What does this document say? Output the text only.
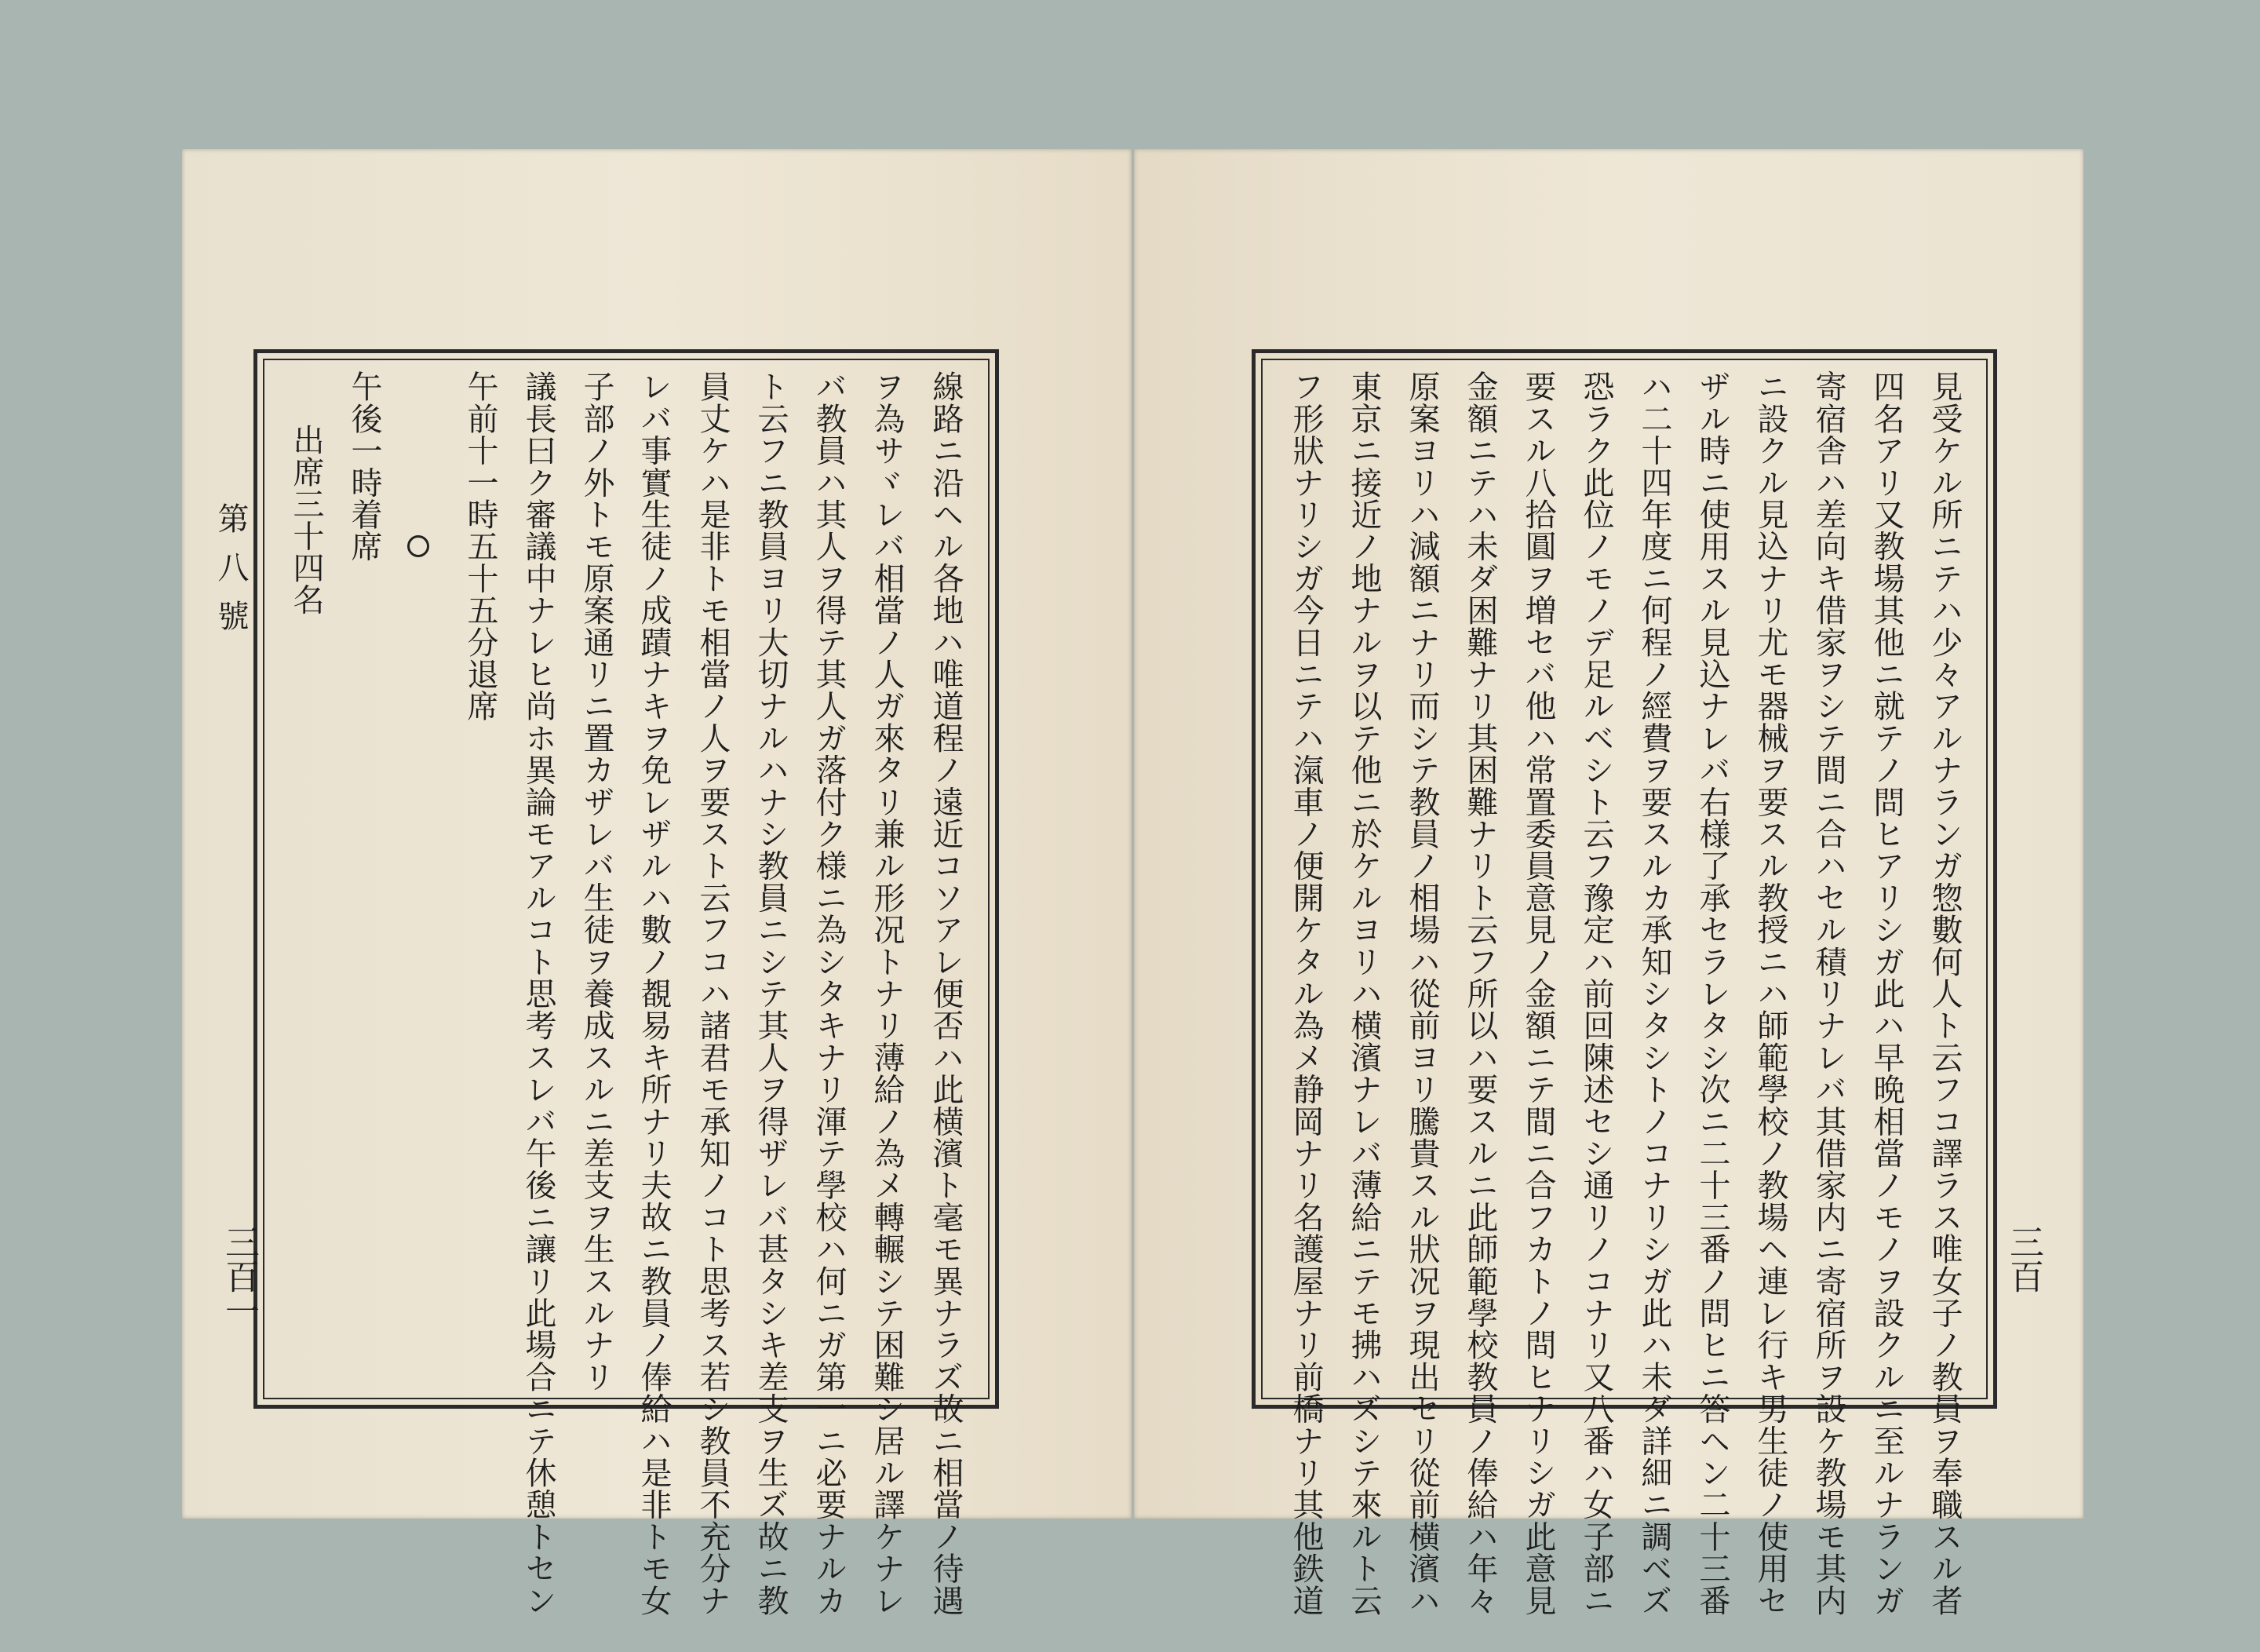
第八號
三百一	線路ニ沿ヘル各地ハ唯道程ノ遠近コソアレ便否ハ此横濱ト毫モ異ナラズ故ニ相當ノ待遇
ヲ為サヾレバ相當ノ人ガ來タリ兼ル形况トナリ薄給ノ為メ轉輾シテ困難シ居ル譯ケナレ
バ教員ハ其人ヲ得テ其人ガ落付ク様ニ為シタキナリ渾テ學校ハ何ニガ第一ニ必要ナルカ
ト云フニ教員ヨリ大切ナルハナシ教員ニシテ其人ヲ得ザレバ甚タシキ差支ヲ生ズ故ニ教
員丈ケハ是非トモ相當ノ人ヲ要スト云フコハ諸君モ承知ノコト思考ス若シ教員不充分ナ
レバ事實生徒ノ成蹟ナキヲ免レザルハ數ノ覩易キ所ナリ夫故ニ教員ノ俸給ハ是非トモ女
子部ノ外トモ原案通リニ置カザレバ生徒ヲ養成スルニ差支ヲ生スルナリ
議長曰ク審議中ナレヒ尚ホ異論モアルコト思考スレバ午後ニ讓リ此場合ニテ休憩トセン
午前十一時五十五分退席
午後一時着席
出席三十四名
三百
見受ケル所ニテハ少々アルナランガ惣數何人ト云フコ譯ラス唯女子ノ教員ヲ奉職スル者
四名アリ又教場其他ニ就テノ問ヒアリシガ此ハ早晩相當ノモノヲ設クルニ至ルナランガ
寄宿舎ハ差向キ借家ヲシテ間ニ合ハセル積リナレバ其借家内ニ寄宿所ヲ設ケ教場モ其内
ニ設クル見込ナリ尤モ器械ヲ要スル教授ニハ師範學校ノ教場ヘ連レ行キ男生徒ノ使用セ
ザル時ニ使用スル見込ナレバ右様了承セラレタシ次ニ二十三番ノ問ヒニ答ヘン二十三番
ハ二十四年度ニ何程ノ經費ヲ要スルカ承知シタシトノコナリシガ此ハ未ダ詳細ニ調ベズ
恐ラク此位ノモノデ足ルベシト云フ豫定ハ前回陳述セシ通リノコナリ又八番ハ女子部ニ
要スル八拾圓ヲ増セバ他ハ常置委員意見ノ金額ニテ間ニ合フカトノ問ヒナリシガ此意見
金額ニテハ未ダ困難ナリ其困難ナリト云フ所以ハ要スルニ此師範學校教員ノ俸給ハ年々
原案ヨリハ減額ニナリ而シテ教員ノ相場ハ從前ヨリ騰貴スル狀况ヲ現出セリ從前横濱ハ
東京ニ接近ノ地ナルヲ以テ他ニ於ケルヨリハ横濱ナレバ薄給ニテモ拂ハズシテ來ルト云
フ形狀ナリシガ今日ニテハ滊車ノ便開ケタル為メ静岡ナリ名護屋ナリ前橋ナリ其他鉄道
